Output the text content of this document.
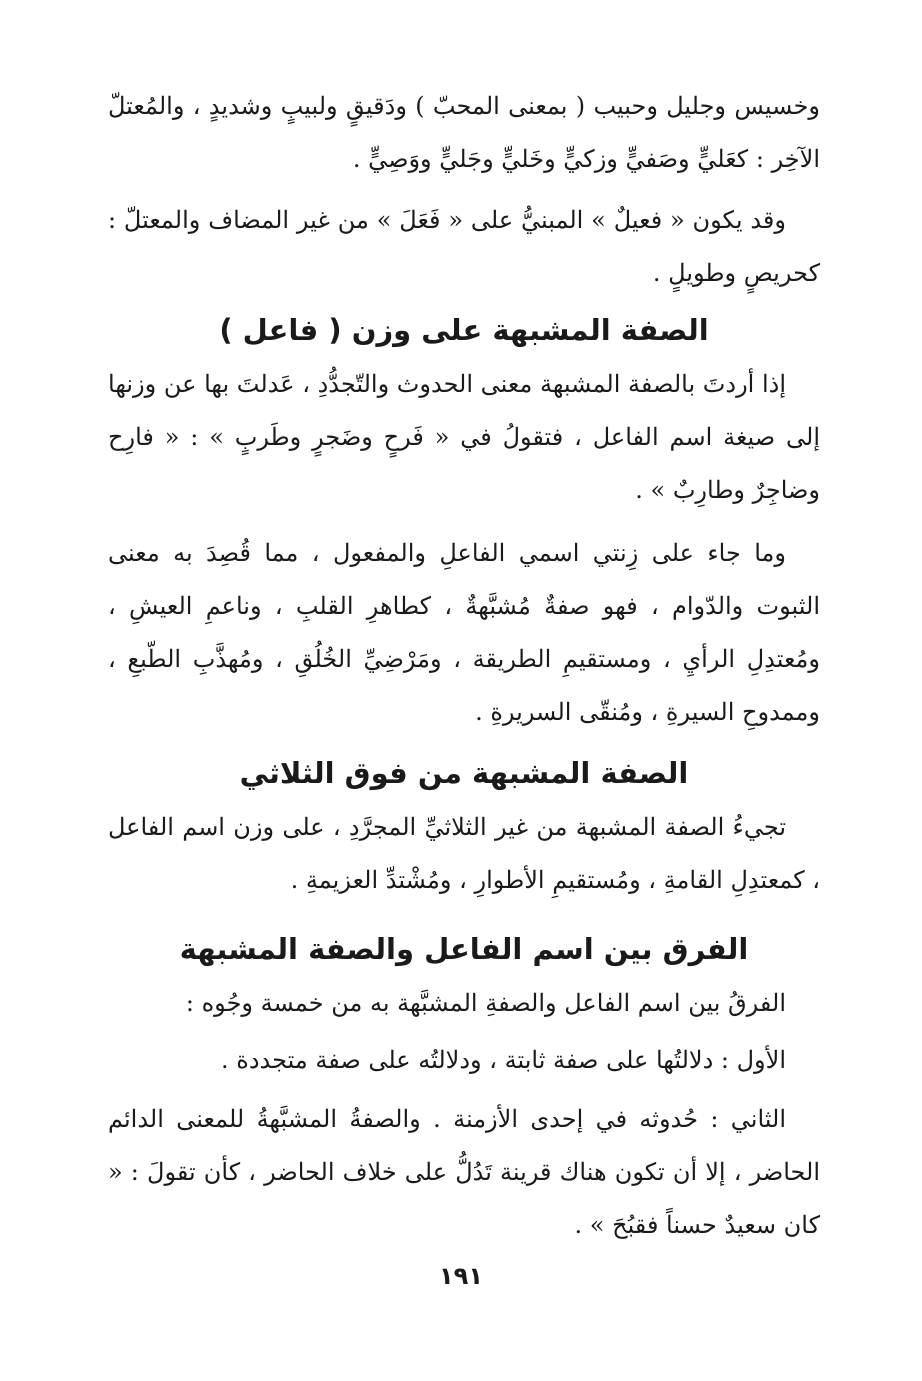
وخسيس وجليل وحبيب ( بمعنى المحبّ ) ودَقيقٍ ولبيبٍ وشديدٍ ، والمُعتلّ الآخِر : كعَليٍّ وصَفيٍّ وزكيٍّ وخَليٍّ وجَليٍّ ووَصِيٍّ .

وقد يكون « فعيلٌ » المبنيُّ على « فَعَلَ » من غير المضاف والمعتلّ : كحريصٍ وطويلٍ .

الصفة المشبهة على وزن ( فاعل )

إذا أردتَ بالصفة المشبهة معنى الحدوث والتّجدُّدِ ، عَدلتَ بها عن وزنها إلى صيغة اسم الفاعل ، فتقولُ في « فَرحٍ وضَجرٍ وطَربٍ » : « فارِح وضاجِرٌ وطارِبٌ » .

وما جاء على زِنتي اسمي الفاعلِ والمفعول ، مما قُصِدَ به معنى الثبوت والدّوام ، فهو صفةٌ مُشبَّهةٌ ، كطاهرِ القلبِ ، وناعمِ العيشِ ، ومُعتدِلِ الرأيِ ، ومستقيمِ الطريقة ، ومَرْضِيِّ الخُلُقِ ، ومُهذَّبِ الطّبعِ ، وممدوحِ السيرةِ ، ومُنقّى السريرةِ .

الصفة المشبهة من فوق الثلاثي

تجيءُ الصفة المشبهة من غير الثلاثيِّ المجرَّدِ ، على وزن اسم الفاعل ، كمعتدِلِ القامةِ ، ومُستقيمِ الأطوارِ ، ومُشْتدِّ العزيمةِ .

الفرق بين اسم الفاعل والصفة المشبهة

الفرقُ بين اسم الفاعل والصفةِ المشبَّهة به من خمسة وجُوه :

الأول : دلالتُها على صفة ثابتة ، ودلالتُه على صفة متجددة .

الثاني : حُدوثه في إحدى الأزمنة . والصفةُ المشبَّهةُ للمعنى الدائم الحاضر ، إلا أن تكون هناك قرينة تَدُلُّ على خلاف الحاضر ، كأن تقولَ : « كان سعيدٌ حسناً فقبُحَ » .

١٩١
